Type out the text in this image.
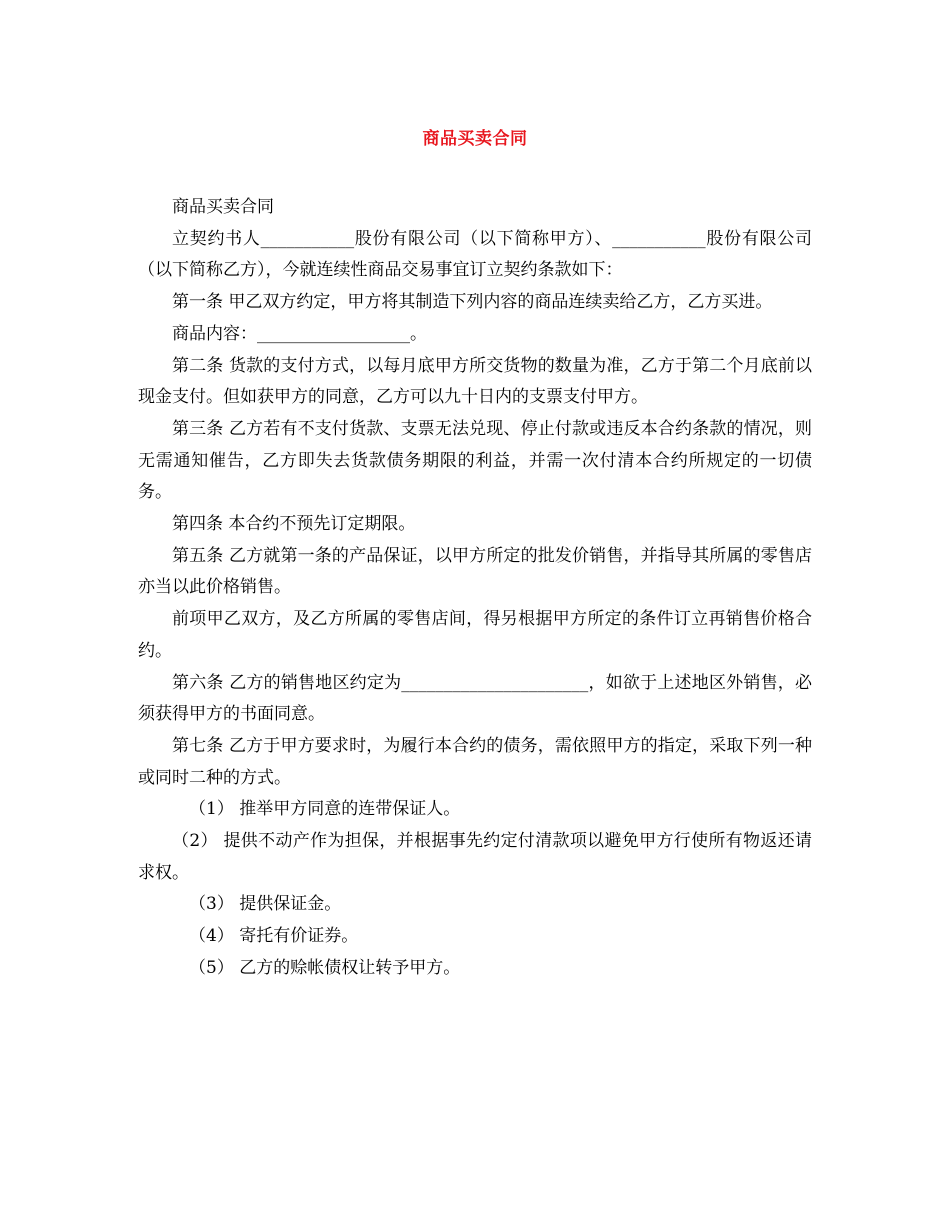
商品买卖合同

商品买卖合同

立契约书人___________股份有限公司（以下简称甲方）、___________股份有限公司（以下简称乙方），今就连续性商品交易事宜订立契约条款如下：

第一条 甲乙双方约定，甲方将其制造下列内容的商品连续卖给乙方，乙方买进。

商品内容：__________________。

第二条 货款的支付方式，以每月底甲方所交货物的数量为准，乙方于第二个月底前以现金支付。但如获甲方的同意，乙方可以九十日内的支票支付甲方。

第三条 乙方若有不支付货款、支票无法兑现、停止付款或违反本合约条款的情况，则无需通知催告，乙方即失去货款债务期限的利益，并需一次付清本合约所规定的一切债务。

第四条 本合约不预先订定期限。

第五条 乙方就第一条的产品保证，以甲方所定的批发价销售，并指导其所属的零售店亦当以此价格销售。

前项甲乙双方，及乙方所属的零售店间，得另根据甲方所定的条件订立再销售价格合约。

第六条 乙方的销售地区约定为______________________，如欲于上述地区外销售，必须获得甲方的书面同意。

第七条 乙方于甲方要求时，为履行本合约的债务，需依照甲方的指定，采取下列一种或同时二种的方式。

（1） 推举甲方同意的连带保证人。

（2） 提供不动产作为担保，并根据事先约定付清款项以避免甲方行使所有物返还请求权。

（3） 提供保证金。

（4） 寄托有价证券。

（5） 乙方的赊帐债权让转予甲方。
